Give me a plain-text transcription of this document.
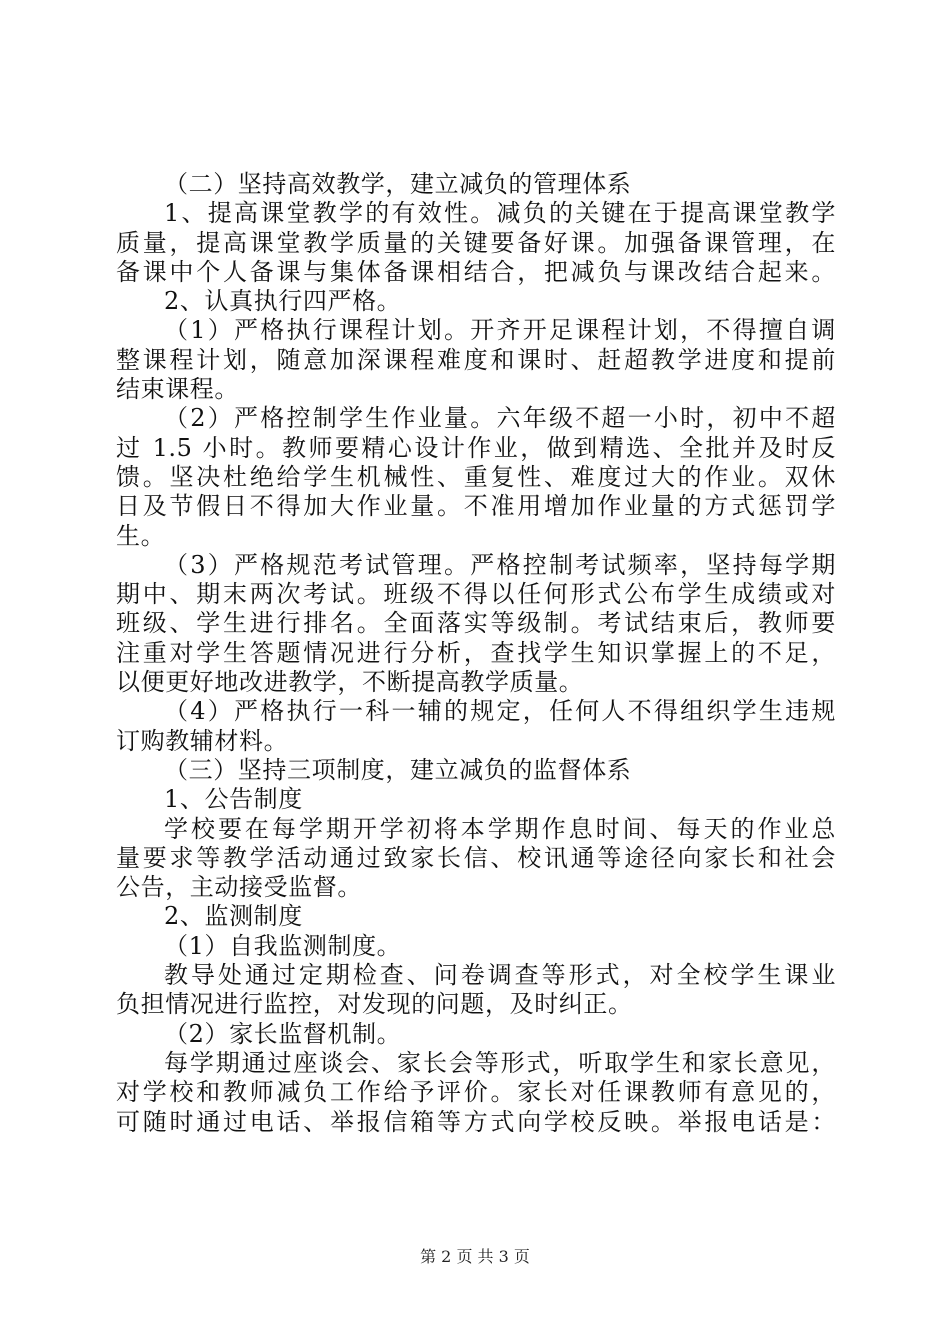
（二）坚持高效教学，建立减负的管理体系
1、提高课堂教学的有效性。减负的关键在于提高课堂教学
质量，提高课堂教学质量的关键要备好课。加强备课管理，在
备课中个人备课与集体备课相结合，把减负与课改结合起来。
2、认真执行四严格。
（1）严格执行课程计划。开齐开足课程计划，不得擅自调
整课程计划，随意加深课程难度和课时、赶超教学进度和提前
结束课程。
（2）严格控制学生作业量。六年级不超一小时，初中不超
过 1.5 小时。教师要精心设计作业，做到精选、全批并及时反
馈。坚决杜绝给学生机械性、重复性、难度过大的作业。双休
日及节假日不得加大作业量。不准用增加作业量的方式惩罚学
生。
（3）严格规范考试管理。严格控制考试频率，坚持每学期
期中、期末两次考试。班级不得以任何形式公布学生成绩或对
班级、学生进行排名。全面落实等级制。考试结束后，教师要
注重对学生答题情况进行分析，查找学生知识掌握上的不足，
以便更好地改进教学，不断提高教学质量。
（4）严格执行一科一辅的规定，任何人不得组织学生违规
订购教辅材料。
（三）坚持三项制度，建立减负的监督体系
1、公告制度
学校要在每学期开学初将本学期作息时间、每天的作业总
量要求等教学活动通过致家长信、校讯通等途径向家长和社会
公告，主动接受监督。
2、监测制度
（1）自我监测制度。
教导处通过定期检查、问卷调查等形式，对全校学生课业
负担情况进行监控，对发现的问题，及时纠正。
（2）家长监督机制。
每学期通过座谈会、家长会等形式，听取学生和家长意见，
对学校和教师减负工作给予评价。家长对任课教师有意见的，
可随时通过电话、举报信箱等方式向学校反映。举报电话是：
第 2 页 共 3 页
